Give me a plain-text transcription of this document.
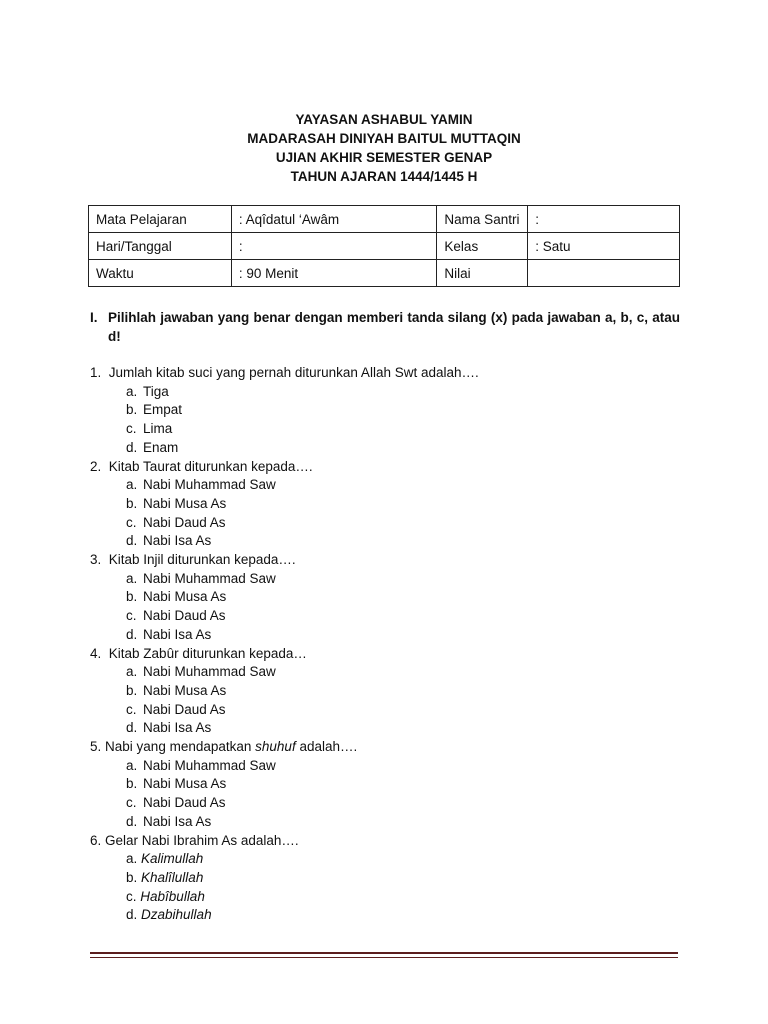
YAYASAN ASHABUL YAMIN
MADARASAH DINIYAH BAITUL MUTTAQIN
UJIAN AKHIR SEMESTER GENAP
TAHUN AJARAN 1444/1445 H
Mata Pelajaran	: Aqîdatul ‘Awâm	Nama Santri	:
Hari/Tanggal	:	Kelas	: Satu
Waktu	: 90 Menit	Nilai	
I. Pilihlah jawaban yang benar dengan memberi tanda silang (x) pada jawaban a, b, c, atau d!
1. Jumlah kitab suci yang pernah diturunkan Allah Swt adalah….
a. Tiga
b. Empat
c. Lima
d. Enam
2. Kitab Taurat diturunkan kepada….
a. Nabi Muhammad Saw
b. Nabi Musa As
c. Nabi Daud As
d. Nabi Isa As
3. Kitab Injil diturunkan kepada….
a. Nabi Muhammad Saw
b. Nabi Musa As
c. Nabi Daud As
d. Nabi Isa As
4. Kitab Zabûr diturunkan kepada…
a. Nabi Muhammad Saw
b. Nabi Musa As
c. Nabi Daud As
d. Nabi Isa As
5. Nabi yang mendapatkan shuhuf adalah….
a. Nabi Muhammad Saw
b. Nabi Musa As
c. Nabi Daud As
d. Nabi Isa As
6. Gelar Nabi Ibrahim As adalah….
a. Kalimullah
b. Khalîlullah
c. Habîbullah
d. Dzabihullah
